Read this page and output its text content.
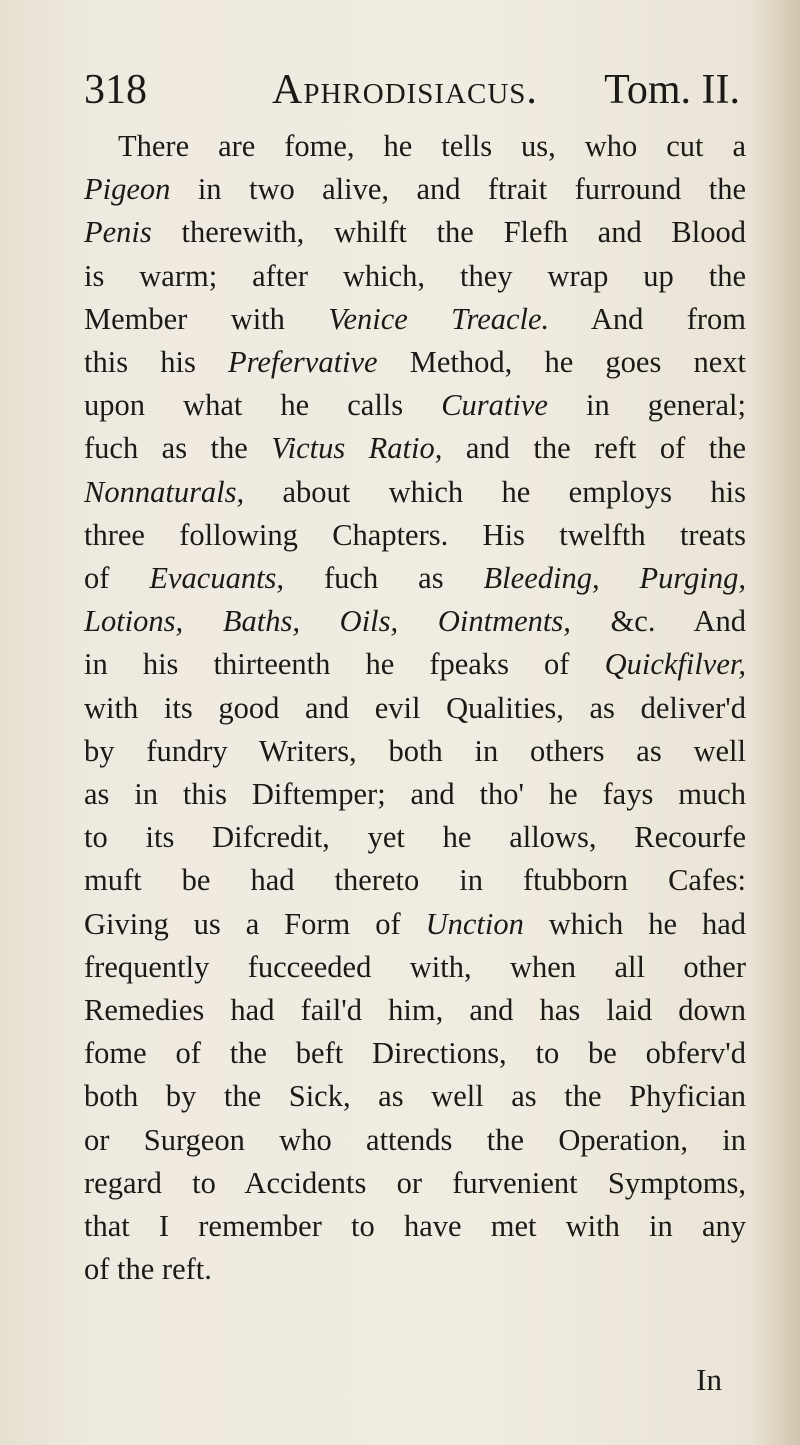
318	Aphrodisiacus. Tom. II.
There are fome, he tells us, who cut a
Pigeon in two alive, and ftrait furround the
Penis therewith, whilft the Flefh and Blood
is warm; after which, they wrap up the
Member with Venice Treacle. And from
this his Prefervative Method, he goes next
upon what he calls Curative in general;
fuch as the Victus Ratio, and the reft of the
Nonnaturals, about which he employs his
three following Chapters. His twelfth treats
of Evacuants, fuch as Bleeding, Purging,
Lotions, Baths, Oils, Ointments, &c. And
in his thirteenth he fpeaks of Quickfilver,
with its good and evil Qualities, as deliver'd
by fundry Writers, both in others as well
as in this Diftemper; and tho' he fays much
to its Difcredit, yet he allows, Recourfe
muft be had thereto in ftubborn Cafes:
Giving us a Form of Unction which he had
frequently fucceeded with, when all other
Remedies had fail'd him, and has laid down
fome of the beft Directions, to be obferv'd
both by the Sick, as well as the Phyfician
or Surgeon who attends the Operation, in
regard to Accidents or furvenient Symptoms,
that I remember to have met with in any
of the reft.
In
